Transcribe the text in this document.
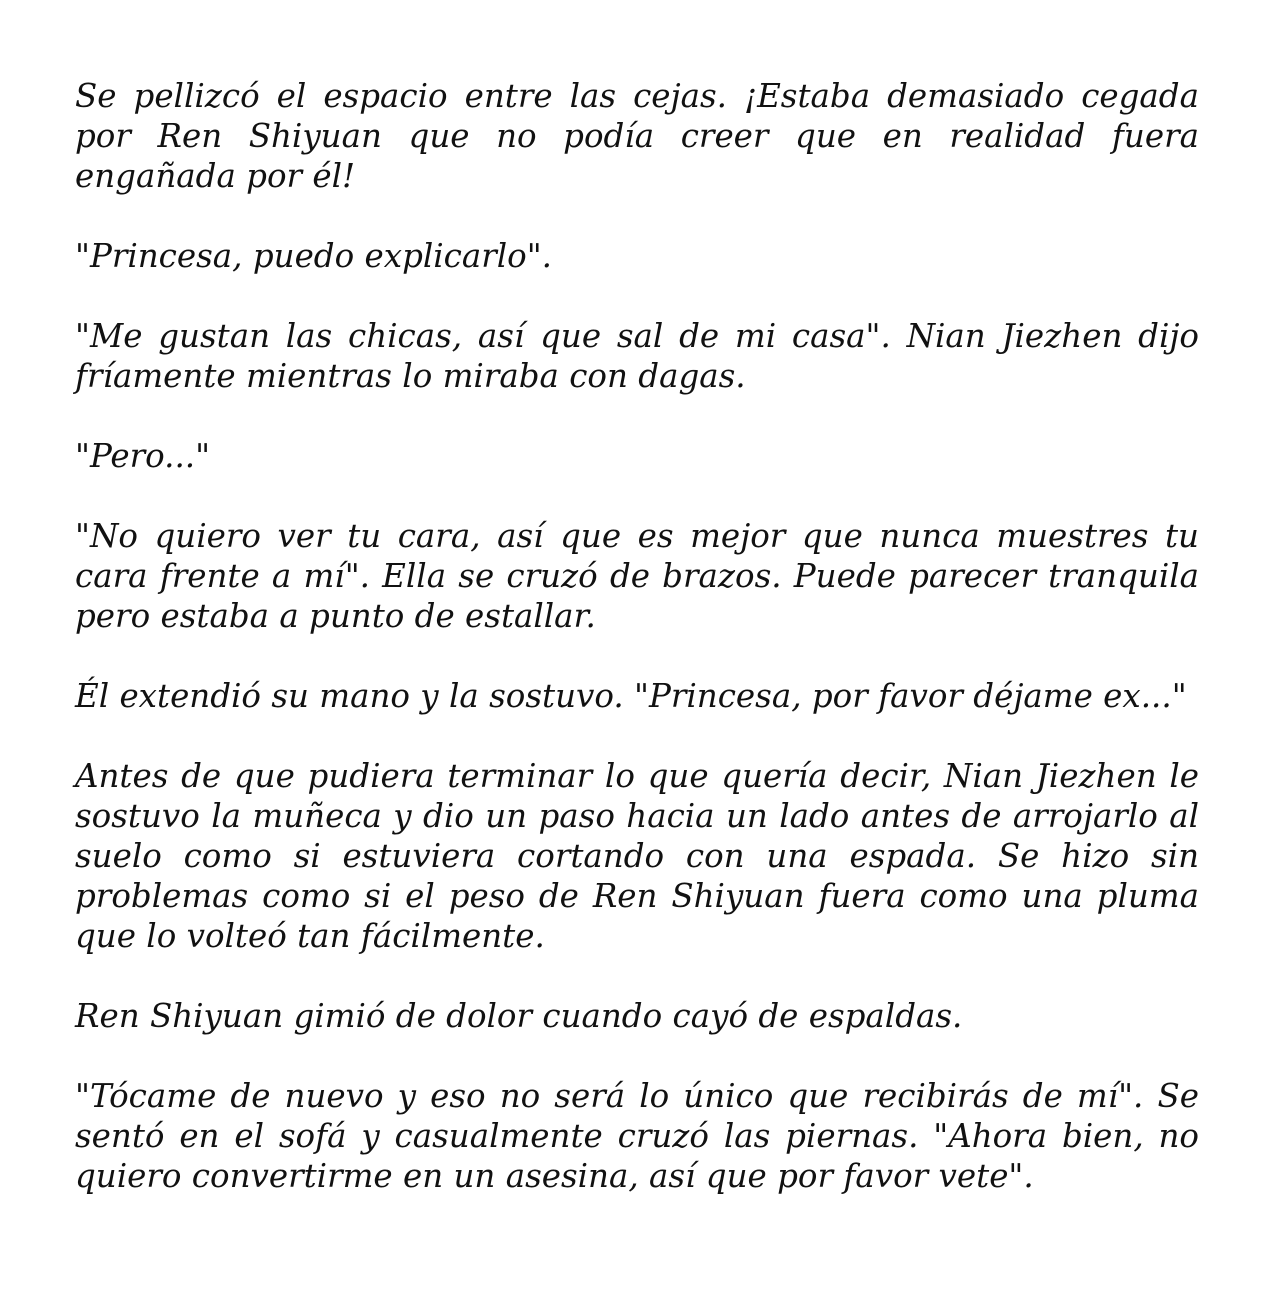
Se pellizcó el espacio entre las cejas. ¡Estaba demasiado cegada por Ren Shiyuan que no podía creer que en realidad fuera engañada por él!

"Princesa, puedo explicarlo".

"Me gustan las chicas, así que sal de mi casa". Nian Jiezhen dijo fríamente mientras lo miraba con dagas.

"Pero..."

"No quiero ver tu cara, así que es mejor que nunca muestres tu cara frente a mí". Ella se cruzó de brazos. Puede parecer tranquila pero estaba a punto de estallar.

Él extendió su mano y la sostuvo. "Princesa, por favor déjame ex..."

Antes de que pudiera terminar lo que quería decir, Nian Jiezhen le sostuvo la muñeca y dio un paso hacia un lado antes de arrojarlo al suelo como si estuviera cortando con una espada. Se hizo sin problemas como si el peso de Ren Shiyuan fuera como una pluma que lo volteó tan fácilmente.

Ren Shiyuan gimió de dolor cuando cayó de espaldas.

"Tócame de nuevo y eso no será lo único que recibirás de mí". Se sentó en el sofá y casualmente cruzó las piernas. "Ahora bien, no quiero convertirme en un asesina, así que por favor vete".
